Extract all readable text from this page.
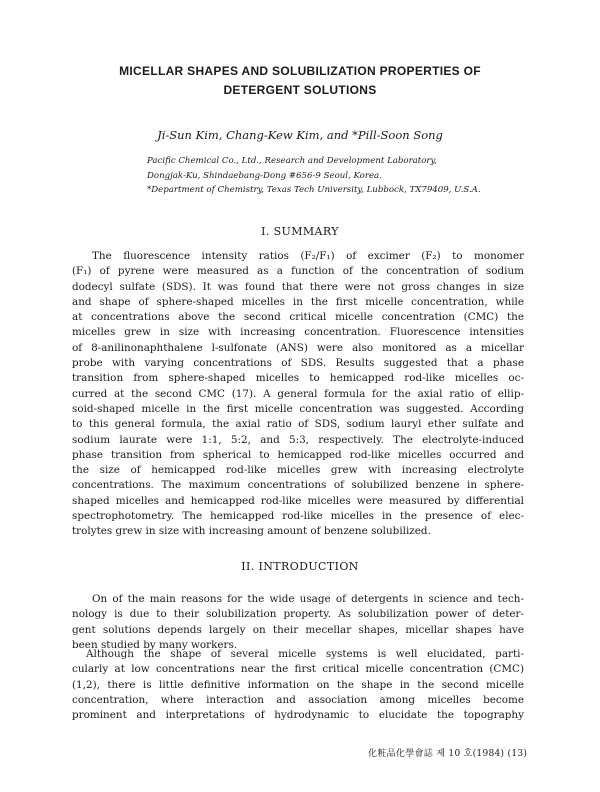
MICELLAR SHAPES AND SOLUBILIZATION PROPERTIES OF
DETERGENT SOLUTIONS
Ji-Sun Kim, Chang-Kew Kim, and *Pill-Soon Song
Pacific Chemical Co., Ltd., Research and Development Laboratory,
Dongjak-Ku, Shindaebang-Dong #656-9 Seoul, Korea.
*Department of Chemistry, Texas Tech University, Lubbock, TX79409, U.S.A.
I. SUMMARY
The fluorescence intensity ratios (F₂/F₁) of excimer (F₂) to monomer
(F₁) of pyrene were measured as a function of the concentration of sodium
dodecyl sulfate (SDS). It was found that there were not gross changes in size
and shape of sphere-shaped micelles in the first micelle concentration, while
at concentrations above the second critical micelle concentration (CMC) the
micelles grew in size with increasing concentration. Fluorescence intensities
of 8-anilinonaphthalene l-sulfonate (ANS) were also monitored as a micellar
probe with varying concentrations of SDS. Results suggested that a phase
transition from sphere-shaped micelles to hemicapped rod-like micelles oc-
curred at the second CMC (17). A general formula for the axial ratio of ellip-
soid-shaped micelle in the first micelle concentration was suggested. According
to this general formula, the axial ratio of SDS, sodium lauryl ether sulfate and
sodium laurate were 1:1, 5:2, and 5:3, respectively. The electrolyte-induced
phase transition from spherical to hemicapped rod-like micelles occurred and
the size of hemicapped rod-like micelles grew with increasing electrolyte
concentrations. The maximum concentrations of solubilized benzene in sphere-
shaped micelles and hemicapped rod-like micelles were measured by differential
spectrophotometry. The hemicapped rod-like micelles in the presence of elec-
trolytes grew in size with increasing amount of benzene solubilized.
II. INTRODUCTION
On of the main reasons for the wide usage of detergents in science and tech-
nology is due to their solubilization property. As solubilization power of deter-
gent solutions depends largely on their mecellar shapes, micellar shapes have
been studied by many workers.
Although the shape of several micelle systems is well elucidated, parti-
cularly at low concentrations near the first critical micelle concentration (CMC)
(1,2), there is little definitive information on the shape in the second micelle
concentration, where interaction and association among micelles become
prominent and interpretations of hydrodynamic to elucidate the topography
化粧品化學會誌 제 10 호(1984) (13)
